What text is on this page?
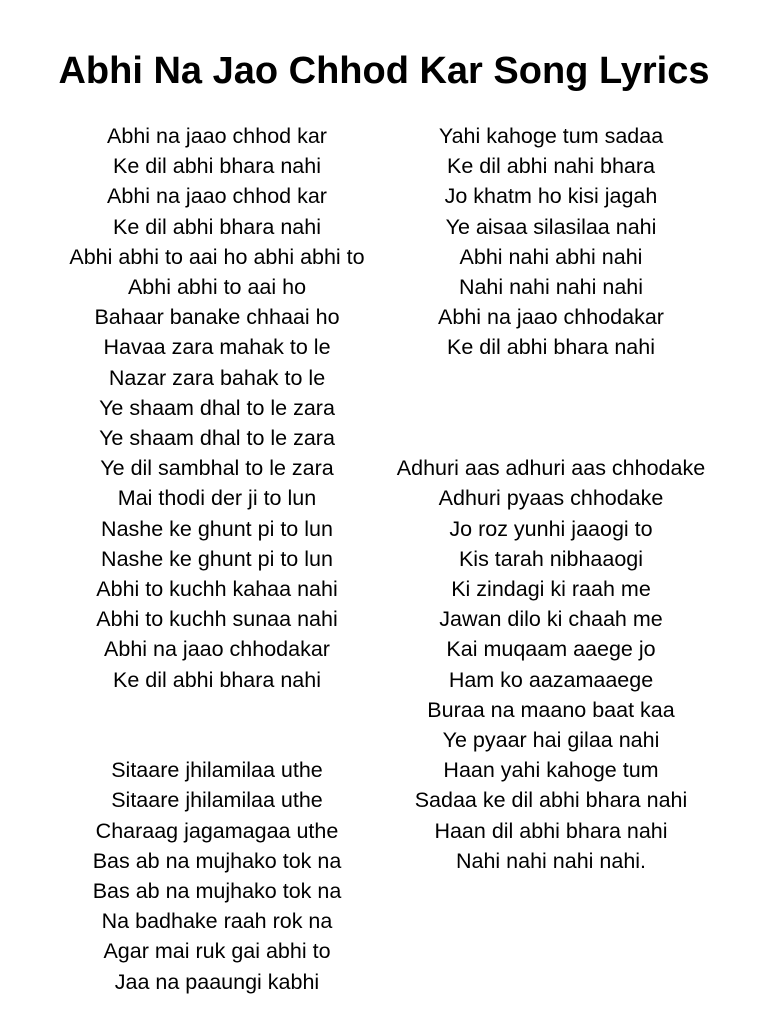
Abhi Na Jao Chhod Kar Song Lyrics
Abhi na jaao chhod kar
Ke dil abhi bhara nahi
Abhi na jaao chhod kar
Ke dil abhi bhara nahi
Abhi abhi to aai ho abhi abhi to
Abhi abhi to aai ho
Bahaar banake chhaai ho
Havaa zara mahak to le
Nazar zara bahak to le
Ye shaam dhal to le zara
Ye shaam dhal to le zara
Ye dil sambhal to le zara
Mai thodi der ji to lun
Nashe ke ghunt pi to lun
Nashe ke ghunt pi to lun
Abhi to kuchh kahaa nahi
Abhi to kuchh sunaa nahi
Abhi na jaao chhodakar
Ke dil abhi bhara nahi
Sitaare jhilamilaa uthe
Sitaare jhilamilaa uthe
Charaag jagamagaa uthe
Bas ab na mujhako tok na
Bas ab na mujhako tok na
Na badhake raah rok na
Agar mai ruk gai abhi to
Jaa na paaungi kabhi
Yahi kahoge tum sadaa
Ke dil abhi nahi bhara
Jo khatm ho kisi jagah
Ye aisaa silasilaa nahi
Abhi nahi abhi nahi
Nahi nahi nahi nahi
Abhi na jaao chhodakar
Ke dil abhi bhara nahi
Adhuri aas adhuri aas chhodake
Adhuri pyaas chhodake
Jo roz yunhi jaaogi to
Kis tarah nibhaaogi
Ki zindagi ki raah me
Jawan dilo ki chaah me
Kai muqaam aaege jo
Ham ko aazamaaege
Buraa na maano baat kaa
Ye pyaar hai gilaa nahi
Haan yahi kahoge tum
Sadaa ke dil abhi bhara nahi
Haan dil abhi bhara nahi
Nahi nahi nahi nahi.
